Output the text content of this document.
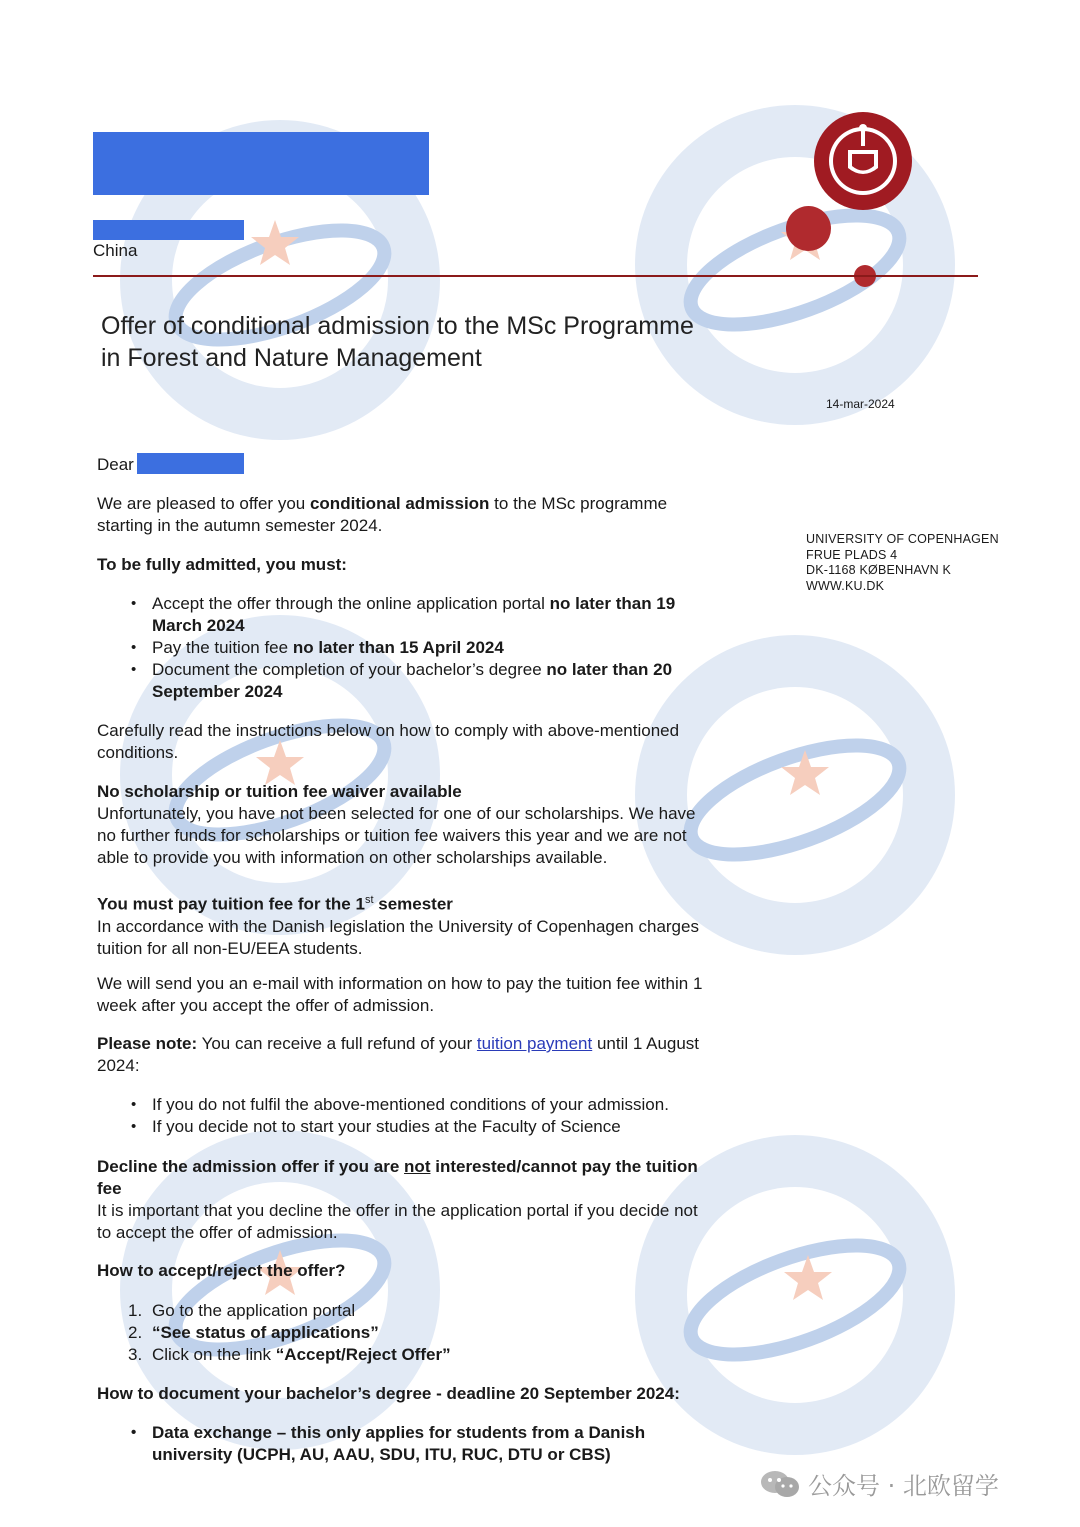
China
Offer of conditional admission to the MSc Programme
in Forest and Nature Management
14-mar-2024
UNIVERSITY OF COPENHAGEN
FRUE PLADS 4
DK-1168 KØBENHAVN K
WWW.KU.DK
Dear
We are pleased to offer you conditional admission to the MSc programme
starting in the autumn semester 2024.
To be fully admitted, you must:
• Accept the offer through the online application portal no later than 19
March 2024
• Pay the tuition fee no later than 15 April 2024
• Document the completion of your bachelor’s degree no later than 20
September 2024
Carefully read the instructions below on how to comply with above-mentioned
conditions.
No scholarship or tuition fee waiver available
Unfortunately, you have not been selected for one of our scholarships. We have
no further funds for scholarships or tuition fee waivers this year and we are not
able to provide you with information on other scholarships available.
You must pay tuition fee for the 1st semester
In accordance with the Danish legislation the University of Copenhagen charges
tuition for all non-EU/EEA students.
We will send you an e-mail with information on how to pay the tuition fee within 1
week after you accept the offer of admission.
Please note: You can receive a full refund of your tuition payment until 1 August
2024:
• If you do not fulfil the above-mentioned conditions of your admission.
• If you decide not to start your studies at the Faculty of Science
Decline the admission offer if you are not interested/cannot pay the tuition
fee
It is important that you decline the offer in the application portal if you decide not
to accept the offer of admission.
How to accept/reject the offer?
1. Go to the application portal
2. “See status of applications”
3. Click on the link “Accept/Reject Offer”
How to document your bachelor’s degree - deadline 20 September 2024:
• Data exchange – this only applies for students from a Danish
university (UCPH, AU, AAU, SDU, ITU, RUC, DTU or CBS)
公众号 · 北欧留学
